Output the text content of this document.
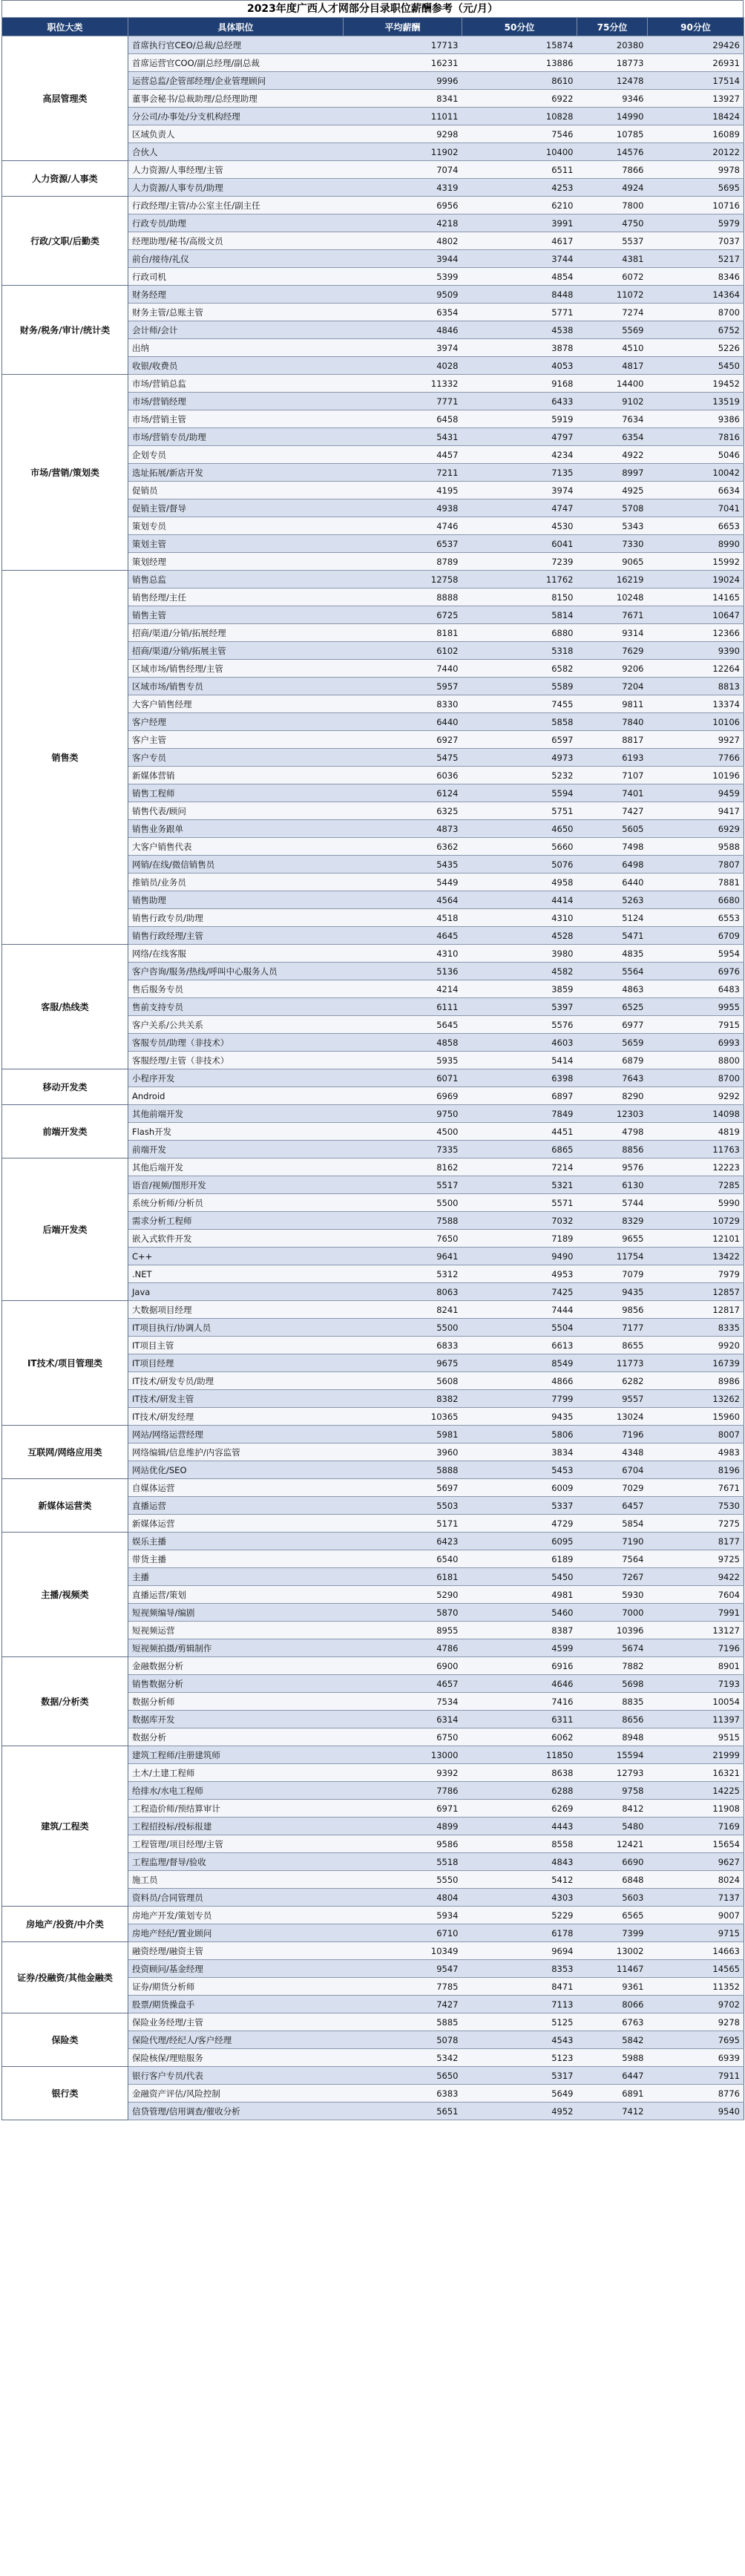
2023年度广西人才网部分目录职位薪酬参考（元/月）
职位大类	具体职位	平均薪酬	50分位	75分位	90分位
高层管理类	首席执行官CEO/总裁/总经理	17713	15874	20380	29426
	首席运营官COO/副总经理/副总裁	16231	13886	18773	26931
	运营总监/企管部经理/企业管理顾问	9996	8610	12478	17514
	董事会秘书/总裁助理/总经理助理	8341	6922	9346	13927
	分公司/办事处/分支机构经理	11011	10828	14990	18424
	区域负责人	9298	7546	10785	16089
	合伙人	11902	10400	14576	20122
人力资源/人事类	人力资源/人事经理/主管	7074	6511	7866	9978
	人力资源/人事专员/助理	4319	4253	4924	5695
行政/文职/后勤类	行政经理/主管/办公室主任/副主任	6956	6210	7800	10716
	行政专员/助理	4218	3991	4750	5979
	经理助理/秘书/高级文员	4802	4617	5537	7037
	前台/接待/礼仪	3944	3744	4381	5217
	行政司机	5399	4854	6072	8346
财务/税务/审计/统计类	财务经理	9509	8448	11072	14364
	财务主管/总账主管	6354	5771	7274	8700
	会计师/会计	4846	4538	5569	6752
	出纳	3974	3878	4510	5226
	收银/收费员	4028	4053	4817	5450
市场/营销/策划类	市场/营销总监	11332	9168	14400	19452
	市场/营销经理	7771	6433	9102	13519
	市场/营销主管	6458	5919	7634	9386
	市场/营销专员/助理	5431	4797	6354	7816
	企划专员	4457	4234	4922	5046
	选址拓展/新店开发	7211	7135	8997	10042
	促销员	4195	3974	4925	6634
	促销主管/督导	4938	4747	5708	7041
	策划专员	4746	4530	5343	6653
	策划主管	6537	6041	7330	8990
	策划经理	8789	7239	9065	15992
销售类	销售总监	12758	11762	16219	19024
	销售经理/主任	8888	8150	10248	14165
	销售主管	6725	5814	7671	10647
	招商/渠道/分销/拓展经理	8181	6880	9314	12366
	招商/渠道/分销/拓展主管	6102	5318	7629	9390
	区域市场/销售经理/主管	7440	6582	9206	12264
	区域市场/销售专员	5957	5589	7204	8813
	大客户销售经理	8330	7455	9811	13374
	客户经理	6440	5858	7840	10106
	客户主管	6927	6597	8817	9927
	客户专员	5475	4973	6193	7766
	新媒体营销	6036	5232	7107	10196
	销售工程师	6124	5594	7401	9459
	销售代表/顾问	6325	5751	7427	9417
	销售业务跟单	4873	4650	5605	6929
	大客户销售代表	6362	5660	7498	9588
	网销/在线/微信销售员	5435	5076	6498	7807
	推销员/业务员	5449	4958	6440	7881
	销售助理	4564	4414	5263	6680
	销售行政专员/助理	4518	4310	5124	6553
	销售行政经理/主管	4645	4528	5471	6709
客服/热线类	网络/在线客服	4310	3980	4835	5954
	客户咨询/服务/热线/呼叫中心服务人员	5136	4582	5564	6976
	售后服务专员	4214	3859	4863	6483
	售前支持专员	6111	5397	6525	9955
	客户关系/公共关系	5645	5576	6977	7915
	客服专员/助理（非技术）	4858	4603	5659	6993
	客服经理/主管（非技术）	5935	5414	6879	8800
移动开发类	小程序开发	6071	6398	7643	8700
	Android	6969	6897	8290	9292
前端开发类	其他前端开发	9750	7849	12303	14098
	Flash开发	4500	4451	4798	4819
	前端开发	7335	6865	8856	11763
后端开发类	其他后端开发	8162	7214	9576	12223
	语音/视频/图形开发	5517	5321	6130	7285
	系统分析师/分析员	5500	5571	5744	5990
	需求分析工程师	7588	7032	8329	10729
	嵌入式软件开发	7650	7189	9655	12101
	C++	9641	9490	11754	13422
	.NET	5312	4953	7079	7979
	Java	8063	7425	9435	12857
IT技术/项目管理类	大数据项目经理	8241	7444	9856	12817
	IT项目执行/协调人员	5500	5504	7177	8335
	IT项目主管	6833	6613	8655	9920
	IT项目经理	9675	8549	11773	16739
	IT技术/研发专员/助理	5608	4866	6282	8986
	IT技术/研发主管	8382	7799	9557	13262
	IT技术/研发经理	10365	9435	13024	15960
互联网/网络应用类	网站/网络运营经理	5981	5806	7196	8007
	网络编辑/信息维护/内容监管	3960	3834	4348	4983
	网站优化/SEO	5888	5453	6704	8196
新媒体运营类	自媒体运营	5697	6009	7029	7671
	直播运营	5503	5337	6457	7530
	新媒体运营	5171	4729	5854	7275
主播/视频类	娱乐主播	6423	6095	7190	8177
	带货主播	6540	6189	7564	9725
	主播	6181	5450	7267	9422
	直播运营/策划	5290	4981	5930	7604
	短视频编导/编剧	5870	5460	7000	7991
	短视频运营	8955	8387	10396	13127
	短视频拍摄/剪辑制作	4786	4599	5674	7196
数据/分析类	金融数据分析	6900	6916	7882	8901
	销售数据分析	4657	4646	5698	7193
	数据分析师	7534	7416	8835	10054
	数据库开发	6314	6311	8656	11397
	数据分析	6750	6062	8948	9515
建筑/工程类	建筑工程师/注册建筑师	13000	11850	15594	21999
	土木/土建工程师	9392	8638	12793	16321
	给排水/水电工程师	7786	6288	9758	14225
	工程造价师/预结算审计	6971	6269	8412	11908
	工程招投标/投标报建	4899	4443	5480	7169
	工程管理/项目经理/主管	9586	8558	12421	15654
	工程监理/督导/验收	5518	4843	6690	9627
	施工员	5550	5412	6848	8024
	资料员/合同管理员	4804	4303	5603	7137
房地产/投资/中介类	房地产开发/策划专员	5934	5229	6565	9007
	房地产经纪/置业顾问	6710	6178	7399	9715
证券/投融资/其他金融类	融资经理/融资主管	10349	9694	13002	14663
	投资顾问/基金经理	9547	8353	11467	14565
	证券/期货分析师	7785	8471	9361	11352
	股票/期货操盘手	7427	7113	8066	9702
保险类	保险业务经理/主管	5885	5125	6763	9278
	保险代理/经纪人/客户经理	5078	4543	5842	7695
	保险核保/理赔服务	5342	5123	5988	6939
银行类	银行客户专员/代表	5650	5317	6447	7911
	金融资产评估/风险控制	6383	5649	6891	8776
	信贷管理/信用调查/催收分析	5651	4952	7412	9540
